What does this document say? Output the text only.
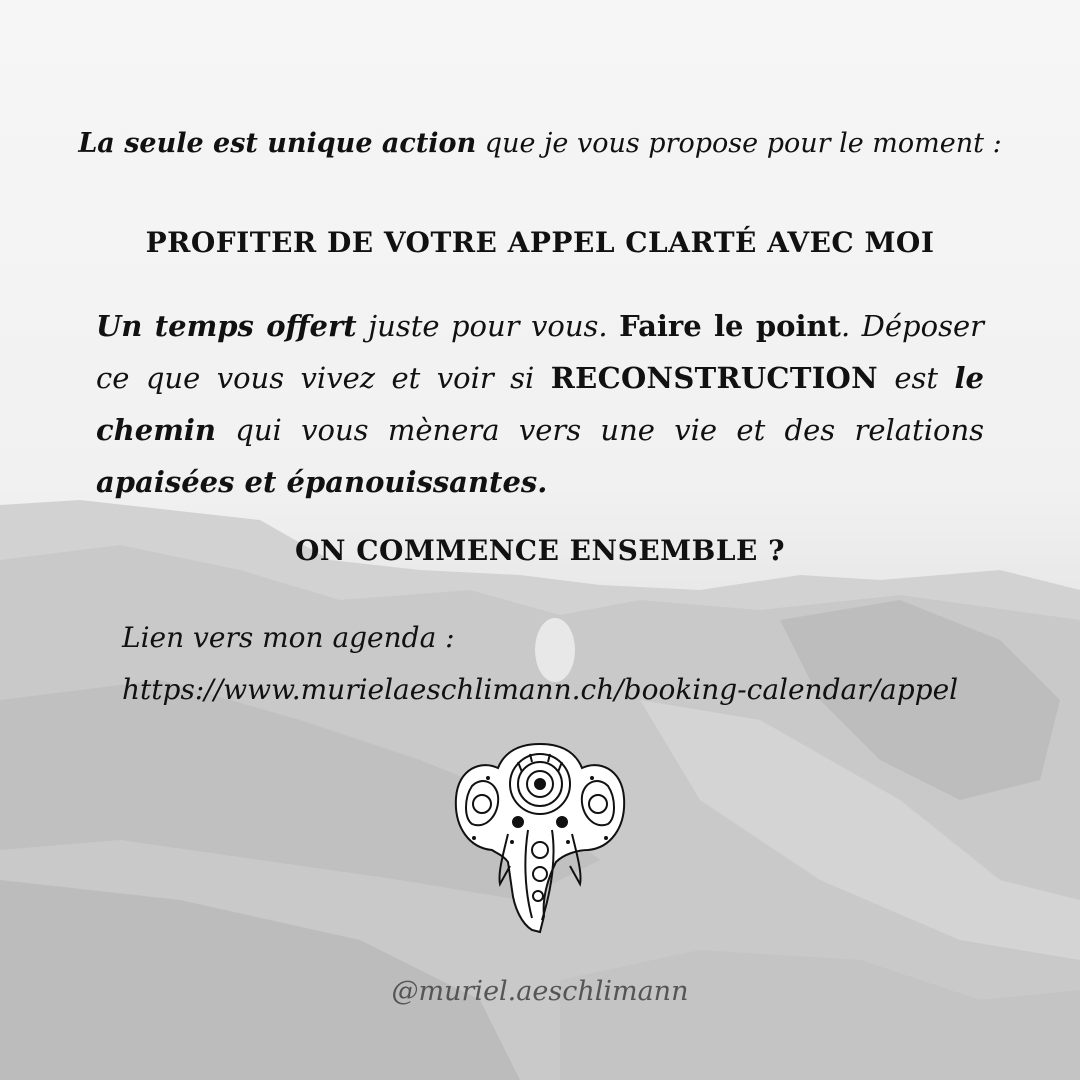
La seule est unique action que je vous propose pour le moment :
PROFITER DE VOTRE APPEL CLARTÉ AVEC MOI
Un temps offert juste pour vous. Faire le point. Déposer ce que vous vivez et voir si RECONSTRUCTION est le chemin qui vous mènera vers une vie et des relations apaisées et épanouissantes.
ON COMMENCE ENSEMBLE ?
Lien vers mon agenda :
https://www.murielaeschlimann.ch/booking-calendar/appel
@muriel.aeschlimann
